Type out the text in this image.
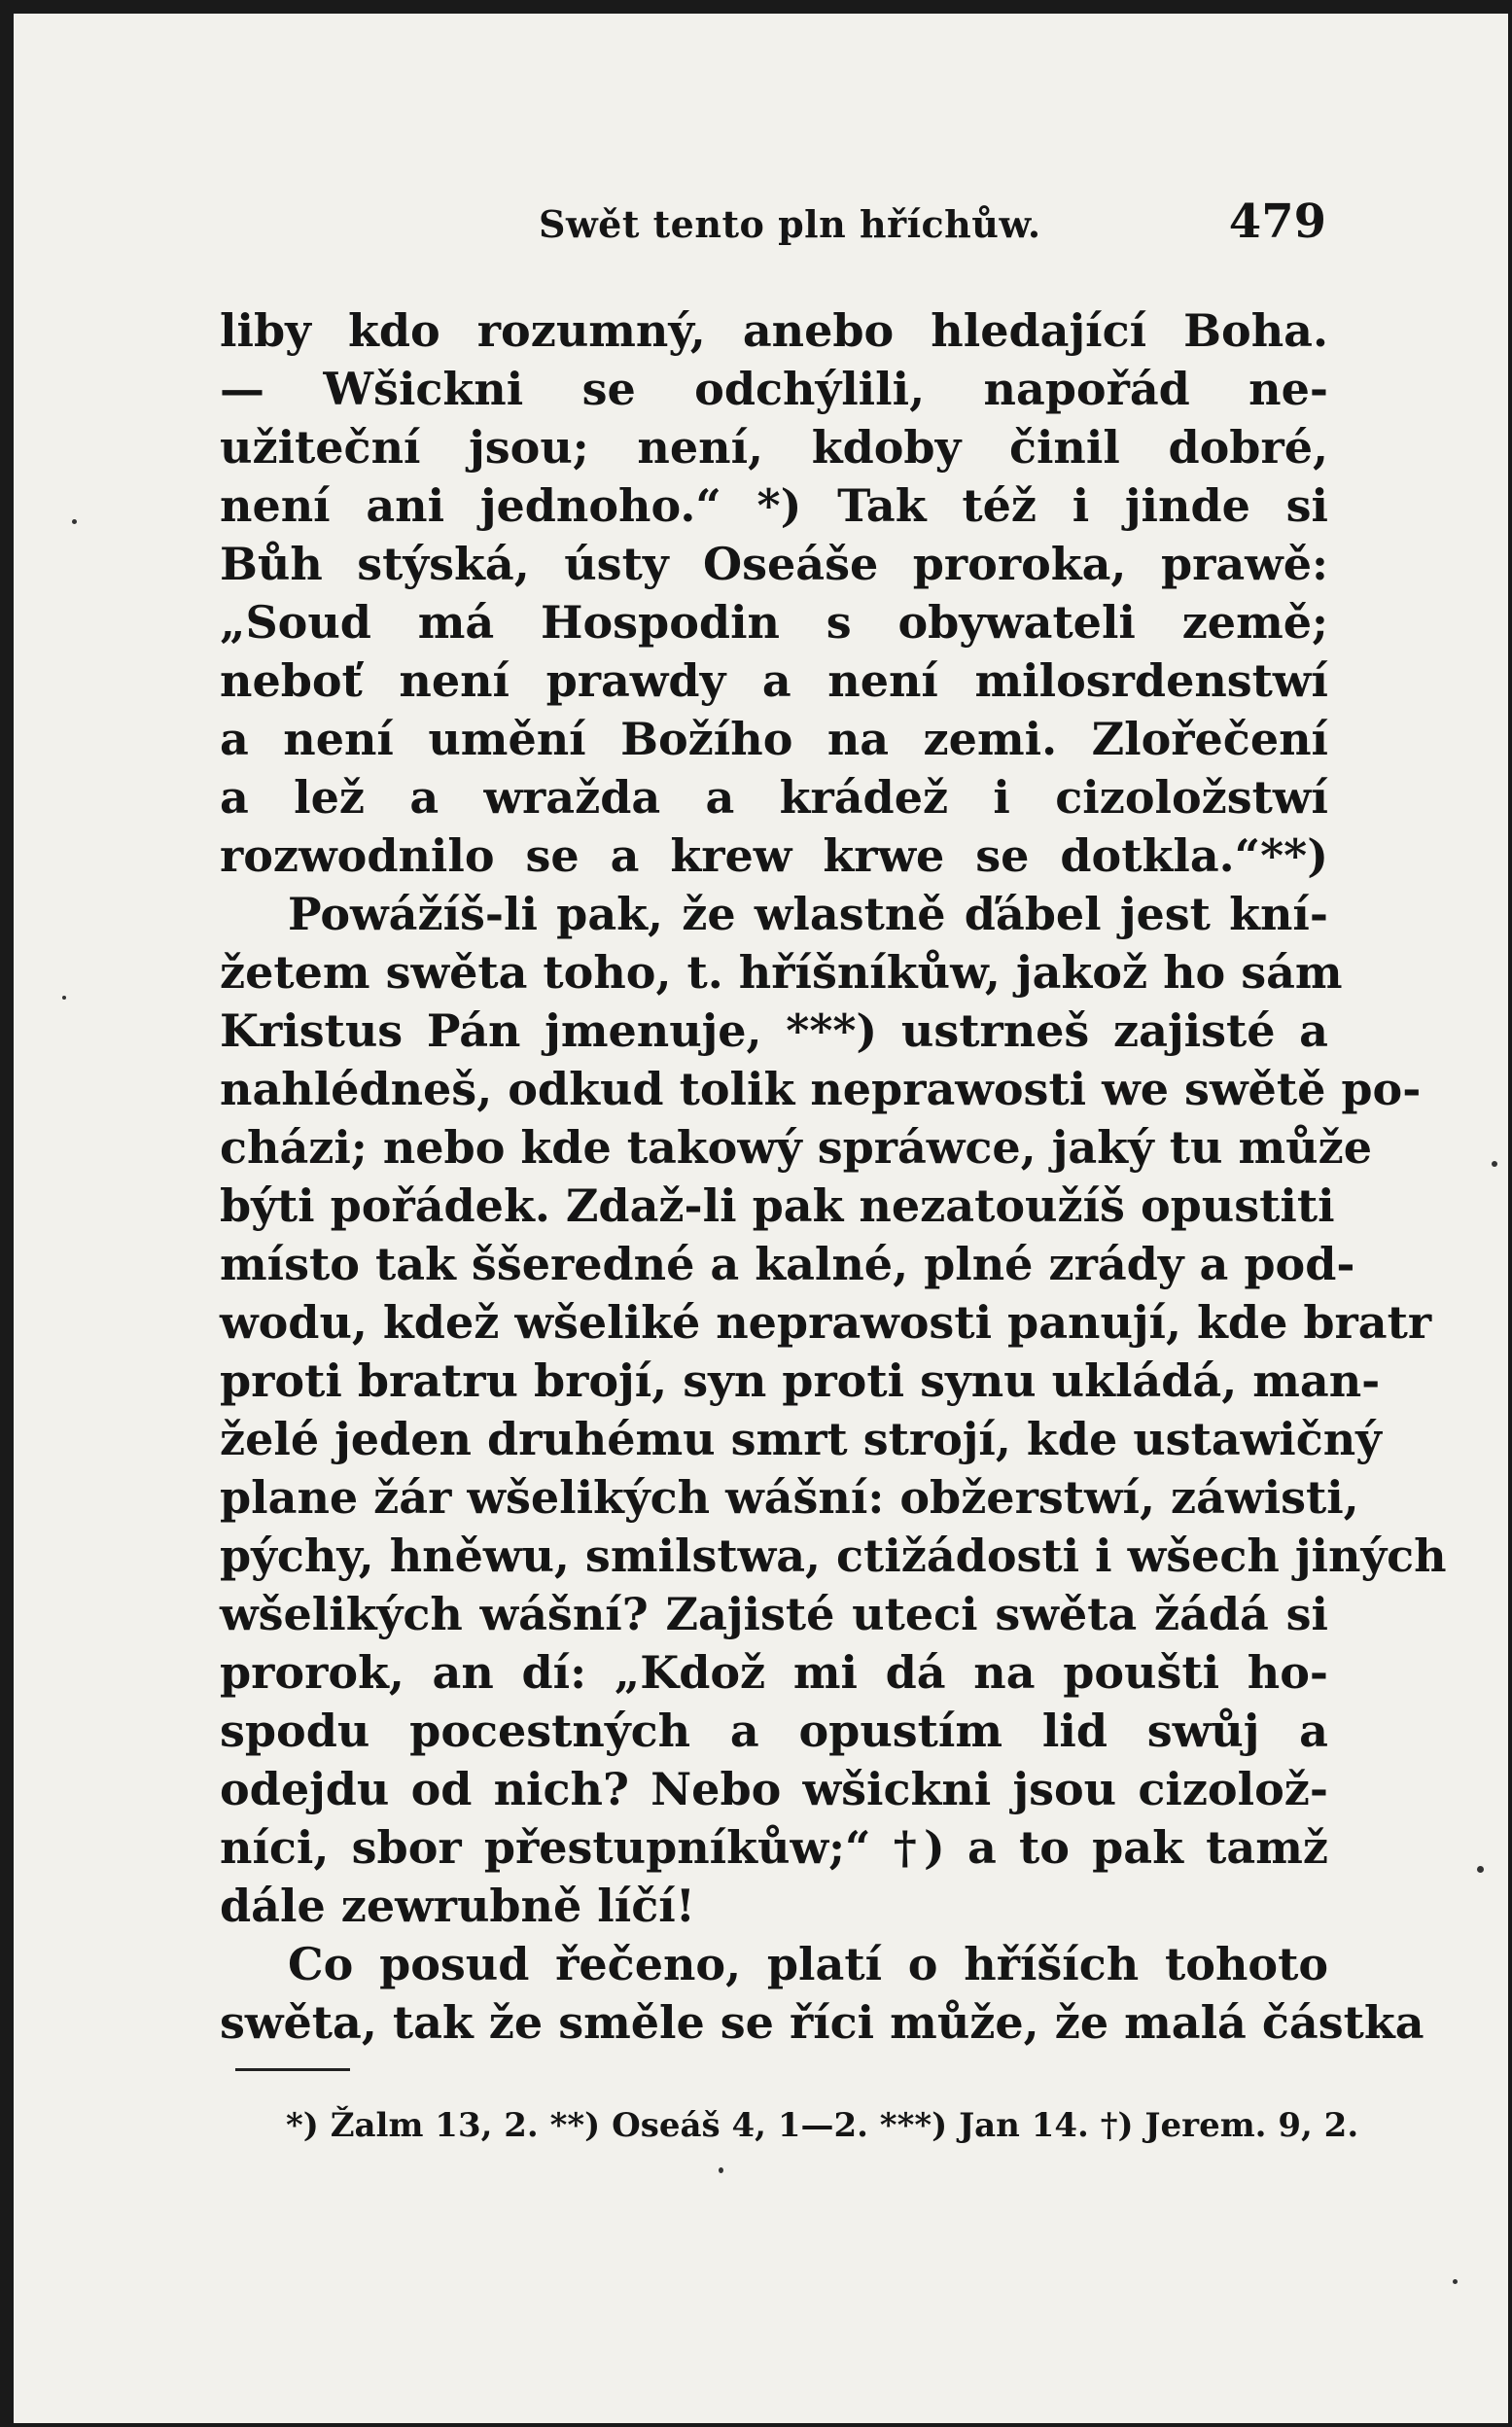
Swět tento pln hříchůw.	479
liby kdo rozumný, anebo hledající Boha.
— Wšickni se odchýlili, napořád ne-
užiteční jsou; není, kdoby činil dobré,
není ani jednoho.“ *) Tak též i jinde si
Bůh stýská, ústy Oseáše proroka, prawě:
„Soud má Hospodin s obywateli země;
neboť není prawdy a není milosrdenstwí
a není umění Božího na zemi. Zlořečení
a lež a wražda a krádež i cizoložstwí
rozwodnilo se a krew krwe se dotkla.“**)
Powážíš-li pak, že wlastně ďábel jest kní-
žetem swěta toho, t. hříšníkůw, jakož ho sám
Kristus Pán jmenuje, ***) ustrneš zajisté a
nahlédneš, odkud tolik neprawosti we swětě po-
cházi; nebo kde takowý spráwce, jaký tu může
býti pořádek. Zdaž-li pak nezatoužíš opustiti
místo tak ššeredné a kalné, plné zrády a pod-
wodu, kdež wšeliké neprawosti panují, kde bratr
proti bratru brojí, syn proti synu ukládá, man-
želé jeden druhému smrt strojí, kde ustawičný
plane žár wšelikých wášní: obžerstwí, záwisti,
pýchy, hněwu, smilstwa, ctižádosti i wšech jiných
wšelikých wášní? Zajisté uteci swěta žádá si
prorok, an dí: „Kdož mi dá na poušti ho-
spodu pocestných a opustím lid swůj a
odejdu od nich? Nebo wšickni jsou cizolož-
níci, sbor přestupníkůw;“ †) a to pak tamž
dále zewrubně líčí!
Co posud řečeno, platí o hříších tohoto
swěta, tak že směle se říci může, že malá částka
*) Žalm 13, 2. **) Oseáš 4, 1—2. ***) Jan 14. †) Jerem. 9, 2.
